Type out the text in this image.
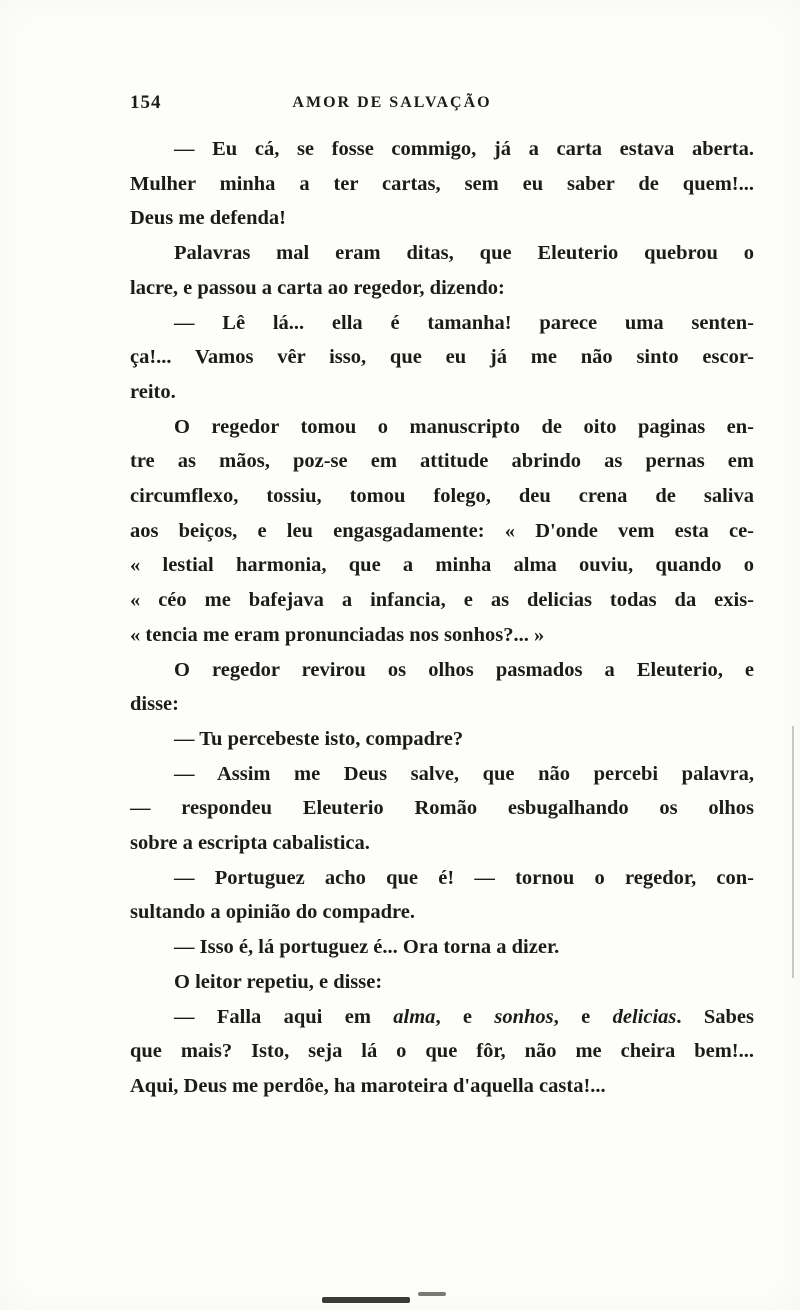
154	AMOR DE SALVAÇÃO
— Eu cá, se fosse commigo, já a carta estava aberta.
Mulher minha a ter cartas, sem eu saber de quem!...
Deus me defenda!
Palavras mal eram ditas, que Eleuterio quebrou o
lacre, e passou a carta ao regedor, dizendo:
— Lê lá... ella é tamanha! parece uma senten-
ça!... Vamos vêr isso, que eu já me não sinto escor-
reito.
O regedor tomou o manuscripto de oito paginas en-
tre as mãos, poz-se em attitude abrindo as pernas em
circumflexo, tossiu, tomou folego, deu crena de saliva
aos beiços, e leu engasgadamente: « D'onde vem esta ce-
« lestial harmonia, que a minha alma ouviu, quando o
« céo me bafejava a infancia, e as delicias todas da exis-
« tencia me eram pronunciadas nos sonhos?... »
O regedor revirou os olhos pasmados a Eleuterio, e
disse:
— Tu percebeste isto, compadre?
— Assim me Deus salve, que não percebi palavra,
— respondeu Eleuterio Romão esbugalhando os olhos
sobre a escripta cabalistica.
— Portuguez acho que é! — tornou o regedor, con-
sultando a opinião do compadre.
— Isso é, lá portuguez é... Ora torna a dizer.
O leitor repetiu, e disse:
— Falla aqui em alma, e sonhos, e delicias. Sabes
que mais? Isto, seja lá o que fôr, não me cheira bem!...
Aqui, Deus me perdôe, ha maroteira d'aquella casta!...
